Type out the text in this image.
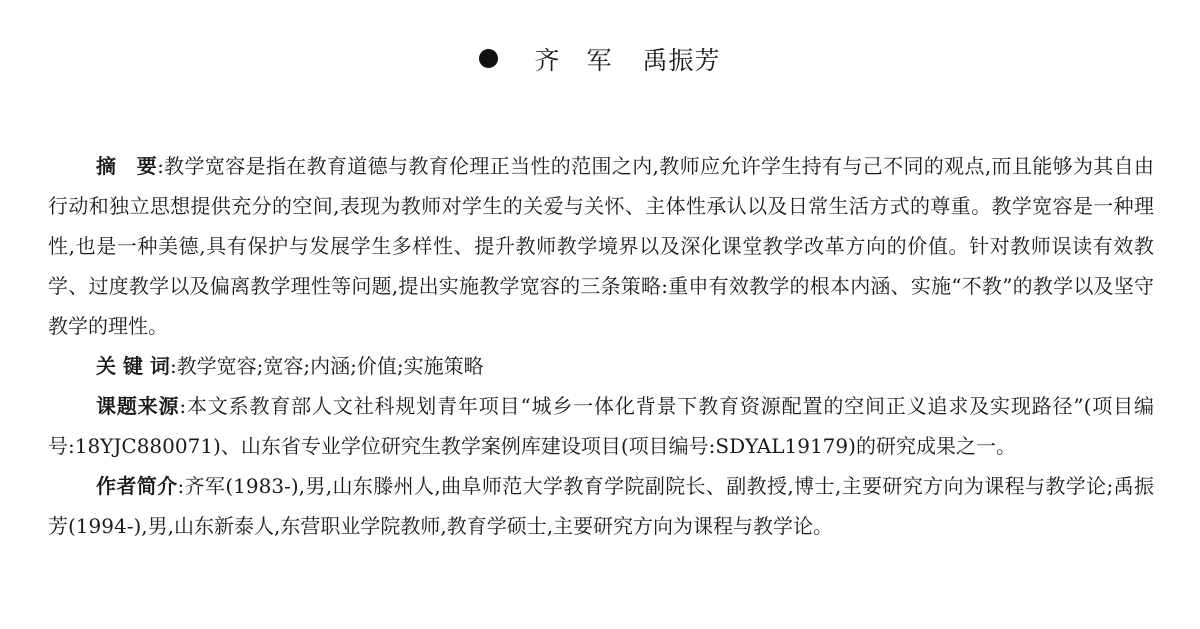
齐　军 禹振芳

摘　要:教学宽容是指在教育道德与教育伦理正当性的范围之内,教师应允许学生持有与己不同的观点,而且能够为其自由行动和独立思想提供充分的空间,表现为教师对学生的关爱与关怀、主体性承认以及日常生活方式的尊重。教学宽容是一种理性,也是一种美德,具有保护与发展学生多样性、提升教师教学境界以及深化课堂教学改革方向的价值。针对教师误读有效教学、过度教学以及偏离教学理性等问题,提出实施教学宽容的三条策略:重申有效教学的根本内涵、实施“不教”的教学以及坚守教学的理性。

关 键 词:教学宽容;宽容;内涵;价值;实施策略

课题来源:本文系教育部人文社科规划青年项目“城乡一体化背景下教育资源配置的空间正义追求及实现路径”(项目编号:18YJC880071)、山东省专业学位研究生教学案例库建设项目(项目编号:SDYAL19179)的研究成果之一。

作者简介:齐军(1983-),男,山东滕州人,曲阜师范大学教育学院副院长、副教授,博士,主要研究方向为课程与教学论;禹振芳(1994-),男,山东新泰人,东营职业学院教师,教育学硕士,主要研究方向为课程与教学论。
